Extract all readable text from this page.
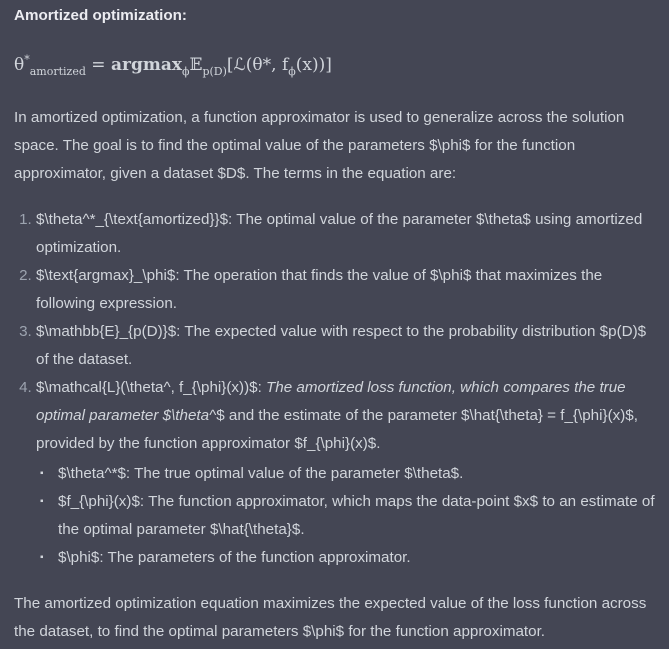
Amortized optimization:

$\theta^*_{amortized}$ = argmax$_\phi$𝔼$_{p(D)}$[ℒ(θ*, $f_\phi(x)$)]

In amortized optimization, a function approximator is used to generalize across the solution space. The goal is to find the optimal value of the parameters $\phi$ for the function approximator, given a dataset $D$. The terms in the equation are:

1. $\theta^*_{\text{amortized}}$: The optimal value of the parameter $\theta$ using amortized optimization.
2. $\text{argmax}_\phi$: The operation that finds the value of $\phi$ that maximizes the following expression.
3. $\mathbb{E}_{p(D)}$: The expected value with respect to the probability distribution $p(D)$ of the dataset.
4. $\mathcal{L}(\theta^, f_{\phi}(x))$: The amortized loss function, which compares the true optimal parameter $\theta^$ and the estimate of the parameter $\hat{\theta} = f_{\phi}(x)$, provided by the function approximator $f_{\phi}(x)$.
▪ $\theta^*$: The true optimal value of the parameter $\theta$.
▪ $f_{\phi}(x)$: The function approximator, which maps the data-point $x$ to an estimate of the optimal parameter $\hat{\theta}$.
▪ $\phi$: The parameters of the function approximator.

The amortized optimization equation maximizes the expected value of the loss function across the dataset, to find the optimal parameters $\phi$ for the function approximator.
